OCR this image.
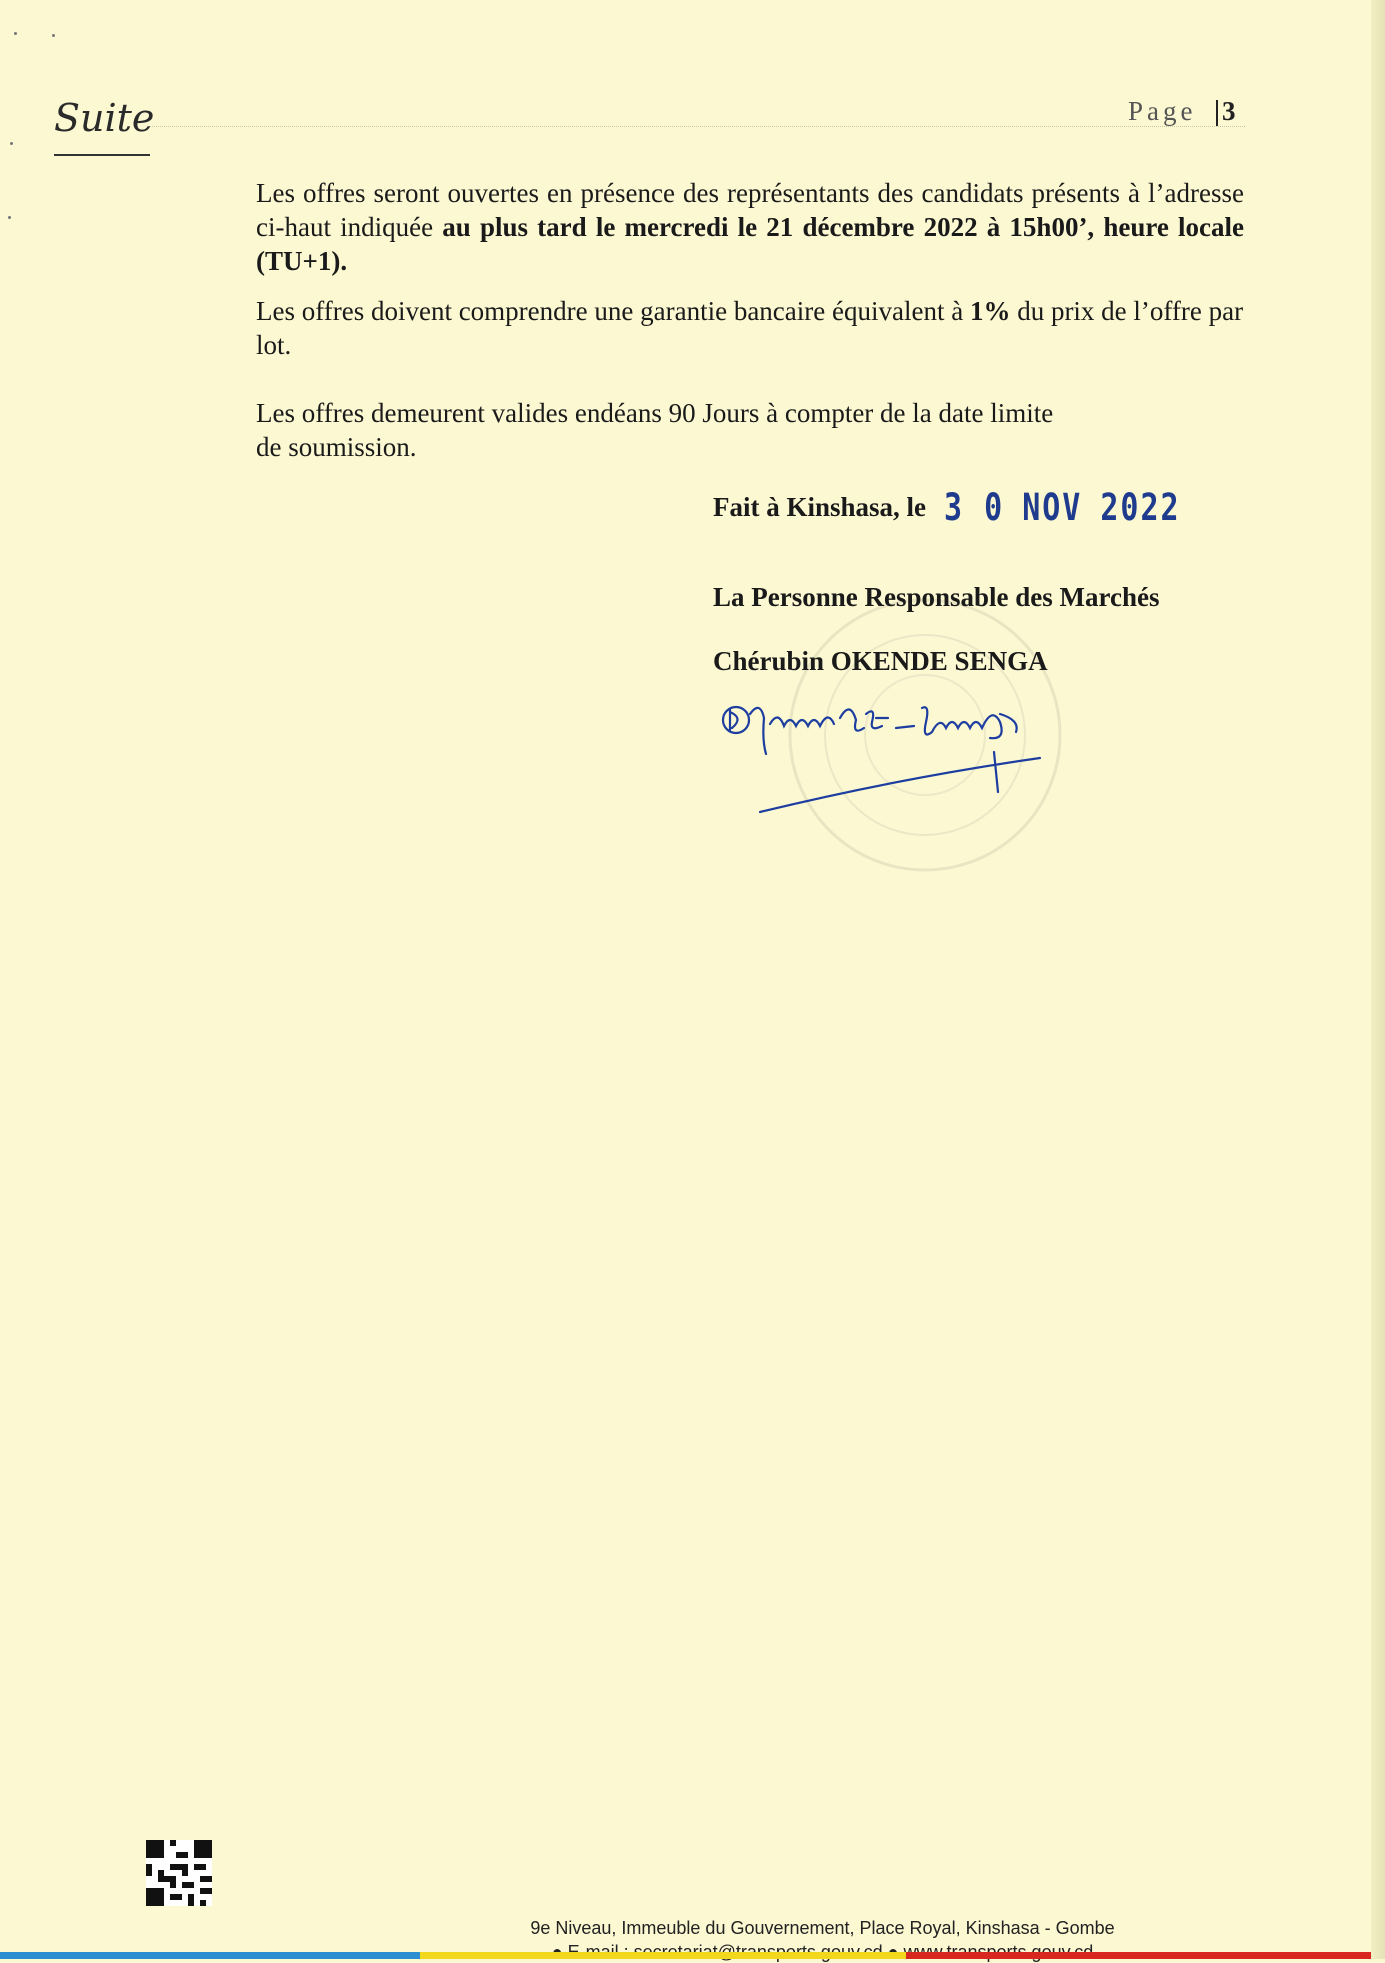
Suite	Page 3
Les offres seront ouvertes en présence des représentants des candidats présents à l’adresse ci-haut indiquée au plus tard le mercredi le 21 décembre 2022 à 15h00’, heure locale (TU+1).
Les offres doivent comprendre une garantie bancaire équivalent à 1% du prix de l’offre par lot.
Les offres demeurent valides endéans 90 Jours à compter de la date limite de soumission.
Fait à Kinshasa, le 3 0 NOV 2022
La Personne Responsable des Marchés
Chérubin OKENDE SENGA
9e Niveau, Immeuble du Gouvernement, Place Royal, Kinshasa - Gombe
